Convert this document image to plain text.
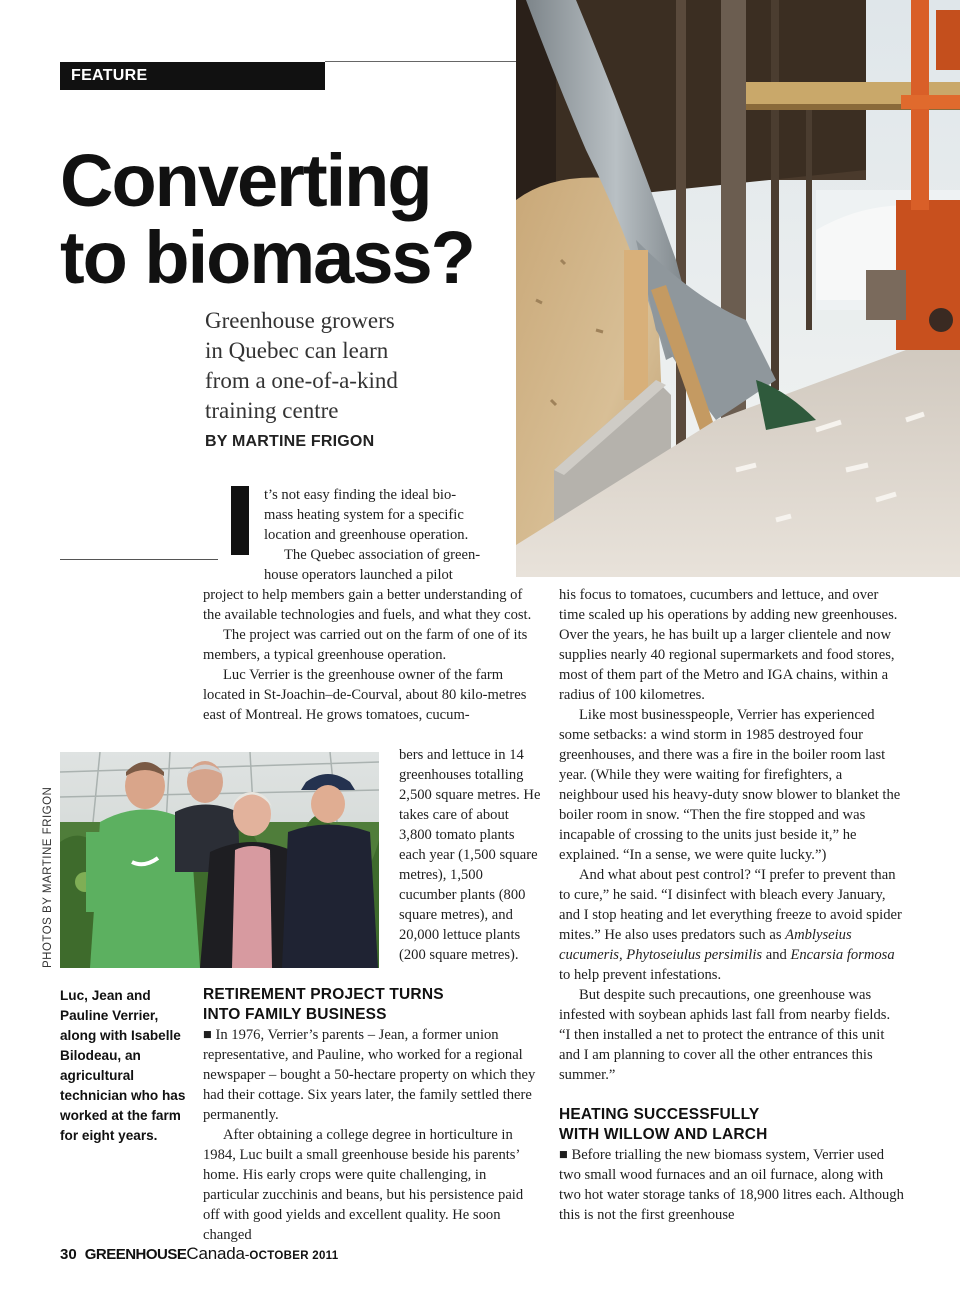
FEATURE
Converting
to biomass?
Greenhouse growers
in Quebec can learn
from a one-of-a-kind
training centre
BY MARTINE FRIGON
t’s not easy finding the ideal bio-
mass heating system for a specific
location and greenhouse operation.
The Quebec association of green-
house operators launched a pilot

project to help members gain a better understanding of the available technologies and fuels, and what they cost.

The project was carried out on the farm of one of its members, a typical greenhouse operation.

Luc Verrier is the greenhouse owner of the farm located in St-Joachin–de-Courval, about 80 kilo-metres east of Montreal. He grows tomatoes, cucum-

bers and lettuce in 14 greenhouses totalling 2,500 square metres. He takes care of about 3,800 tomato plants each year (1,500 square metres), 1,500 cucumber plants (800 square metres), and 20,000 lettuce plants (200 square metres).

PHOTOS BY MARTINE FRIGON
Luc, Jean and Pauline Verrier, along with Isabelle Bilodeau, an agricultural technician who has worked at the farm for eight years.
RETIREMENT PROJECT TURNS
INTO FAMILY BUSINESS

■ In 1976, Verrier’s parents – Jean, a former union representative, and Pauline, who worked for a regional newspaper – bought a 50-hectare property on which they had their cottage. Six years later, the family settled there permanently.

After obtaining a college degree in horticulture in 1984, Luc built a small greenhouse beside his parents’ home. His early crops were quite challenging, in particular zucchinis and beans, but his persistence paid off with good yields and excellent quality. He soon changed

his focus to tomatoes, cucumbers and lettuce, and over time scaled up his operations by adding new greenhouses. Over the years, he has built up a larger clientele and now supplies nearly 40 regional supermarkets and food stores, most of them part of the Metro and IGA chains, within a radius of 100 kilometres.

Like most businesspeople, Verrier has experienced some setbacks: a wind storm in 1985 destroyed four greenhouses, and there was a fire in the boiler room last year. (While they were waiting for firefighters, a neighbour used his heavy-duty snow blower to blanket the boiler room in snow. “Then the fire stopped and was incapable of crossing to the units just beside it,” he explained. “In a sense, we were quite lucky.”)

And what about pest control? “I prefer to prevent than to cure,” he said. “I disinfect with bleach every January, and I stop heating and let everything freeze to avoid spider mites.” He also uses predators such as Amblyseius cucumeris, Phytoseiulus persimilis and Encarsia formosa to help prevent infestations.

But despite such precautions, one greenhouse was infested with soybean aphids last fall from nearby fields. “I then installed a net to protect the entrance of this unit and I am planning to cover all the other entrances this summer.”

HEATING SUCCESSFULLY
WITH WILLOW AND LARCH

■ Before trialling the new biomass system, Verrier used two small wood furnaces and an oil furnace, along with two hot water storage tanks of 18,900 litres each. Although this is not the first greenhouse

30 GREENHOUSECanada-OCTOBER 2011
